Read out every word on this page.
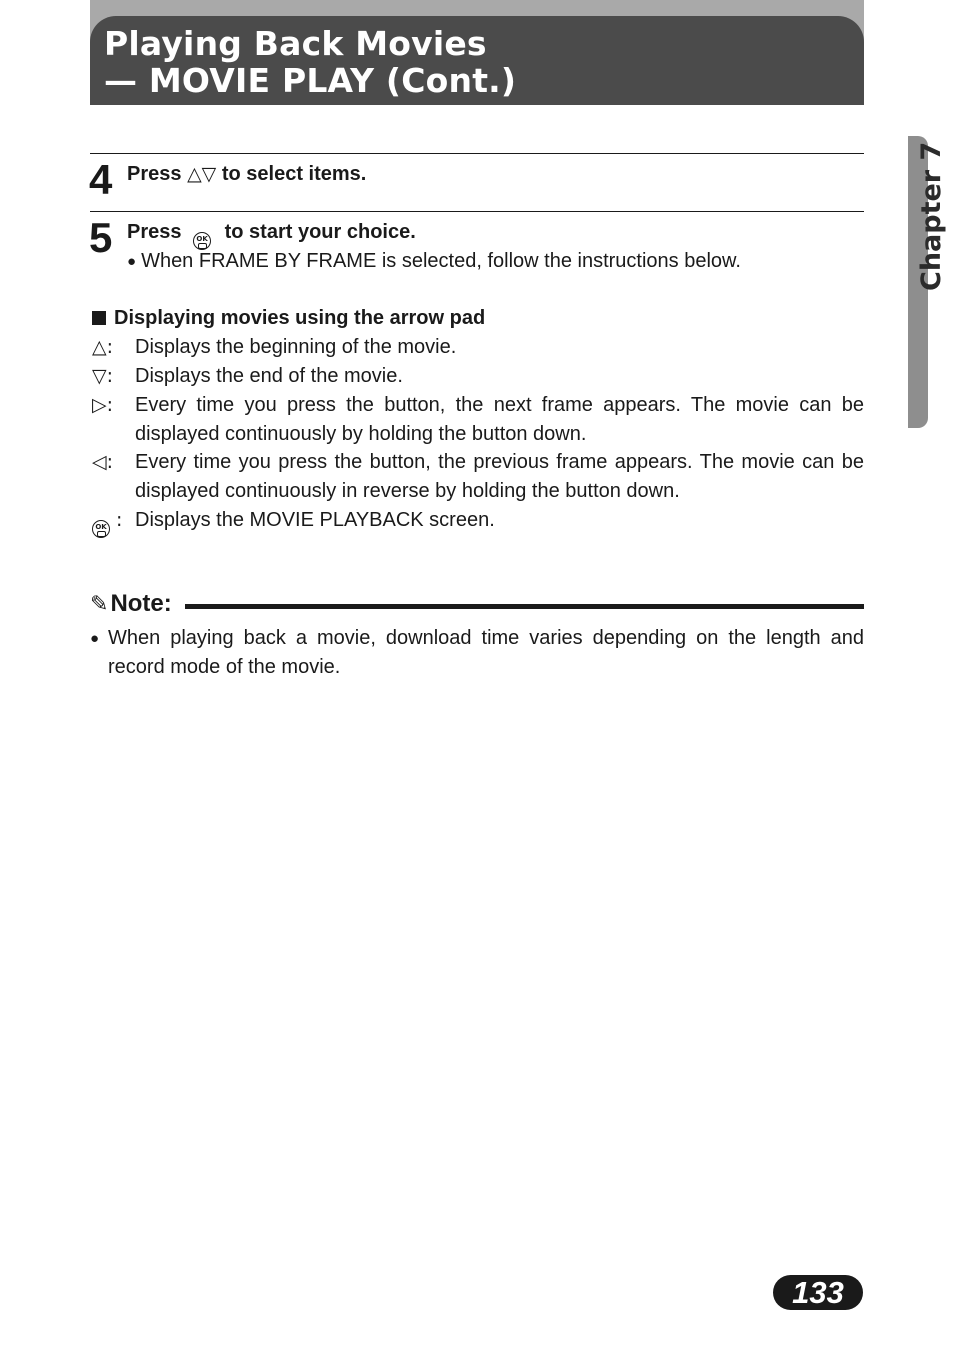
Playing Back Movies
— MOVIE PLAY (Cont.)
Chapter 7
4 Press △▽ to select items.
5 Press	OK to start your choice.
● When FRAME BY FRAME is selected, follow the instructions below.
Displaying movies using the arrow pad
△:	Displays the beginning of the movie.
▽:	Displays the end of the movie.
▷:	Every time you press the button, the next frame appears. The movie can be displayed continuously by holding the button down.
◁:	Every time you press the button, the previous frame appears. The movie can be displayed continuously in reverse by holding the button down.
OK : Displays the MOVIE PLAYBACK screen.
✎Note:
● When playing back a movie, download time varies depending on the length and record mode of the movie.
133
